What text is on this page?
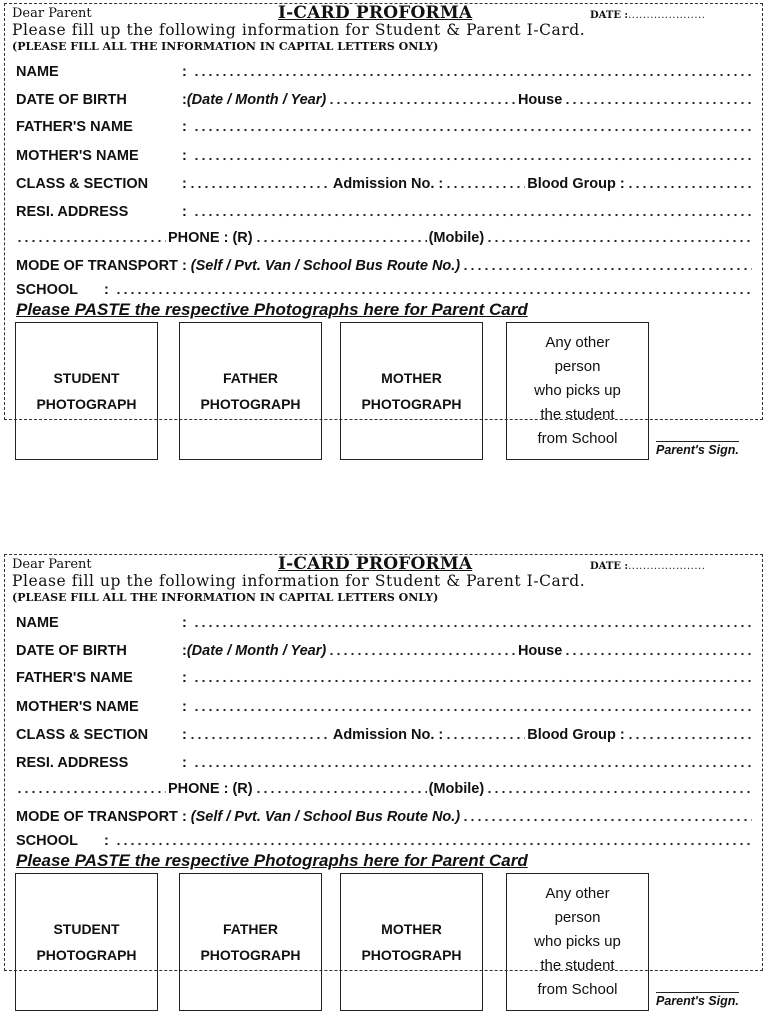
Dear Parent	I-CARD PROFORMA	DATE :.....................
Please fill up the following information for Student & Parent I-Card.
(PLEASE FILL ALL THE INFORMATION IN CAPITAL LETTERS ONLY)
NAME	:
DATE OF BIRTH	: (Date / Month / Year)	House
FATHER'S NAME	:
MOTHER'S NAME	:
CLASS & SECTION	:	Admission No. :	Blood Group :
RESI. ADDRESS	:
PHONE : (R)	(Mobile)
MODE OF TRANSPORT : (Self / Pvt. Van / School Bus Route No.)
SCHOOL	:
Please PASTE the respective Photographs here for Parent Card
STUDENT
PHOTOGRAPH
FATHER
PHOTOGRAPH
MOTHER
PHOTOGRAPH
Any other
person
who picks up
the student
from School
Parent's Sign.
Dear Parent	I-CARD PROFORMA	DATE :.....................
Please fill up the following information for Student & Parent I-Card.
(PLEASE FILL ALL THE INFORMATION IN CAPITAL LETTERS ONLY)
NAME	:
DATE OF BIRTH	: (Date / Month / Year)	House
FATHER'S NAME	:
MOTHER'S NAME	:
CLASS & SECTION	:	Admission No. :	Blood Group :
RESI. ADDRESS	:
PHONE : (R)	(Mobile)
MODE OF TRANSPORT : (Self / Pvt. Van / School Bus Route No.)
SCHOOL	:
Please PASTE the respective Photographs here for Parent Card
STUDENT
PHOTOGRAPH
FATHER
PHOTOGRAPH
MOTHER
PHOTOGRAPH
Any other
person
who picks up
the student
from School
Parent's Sign.
